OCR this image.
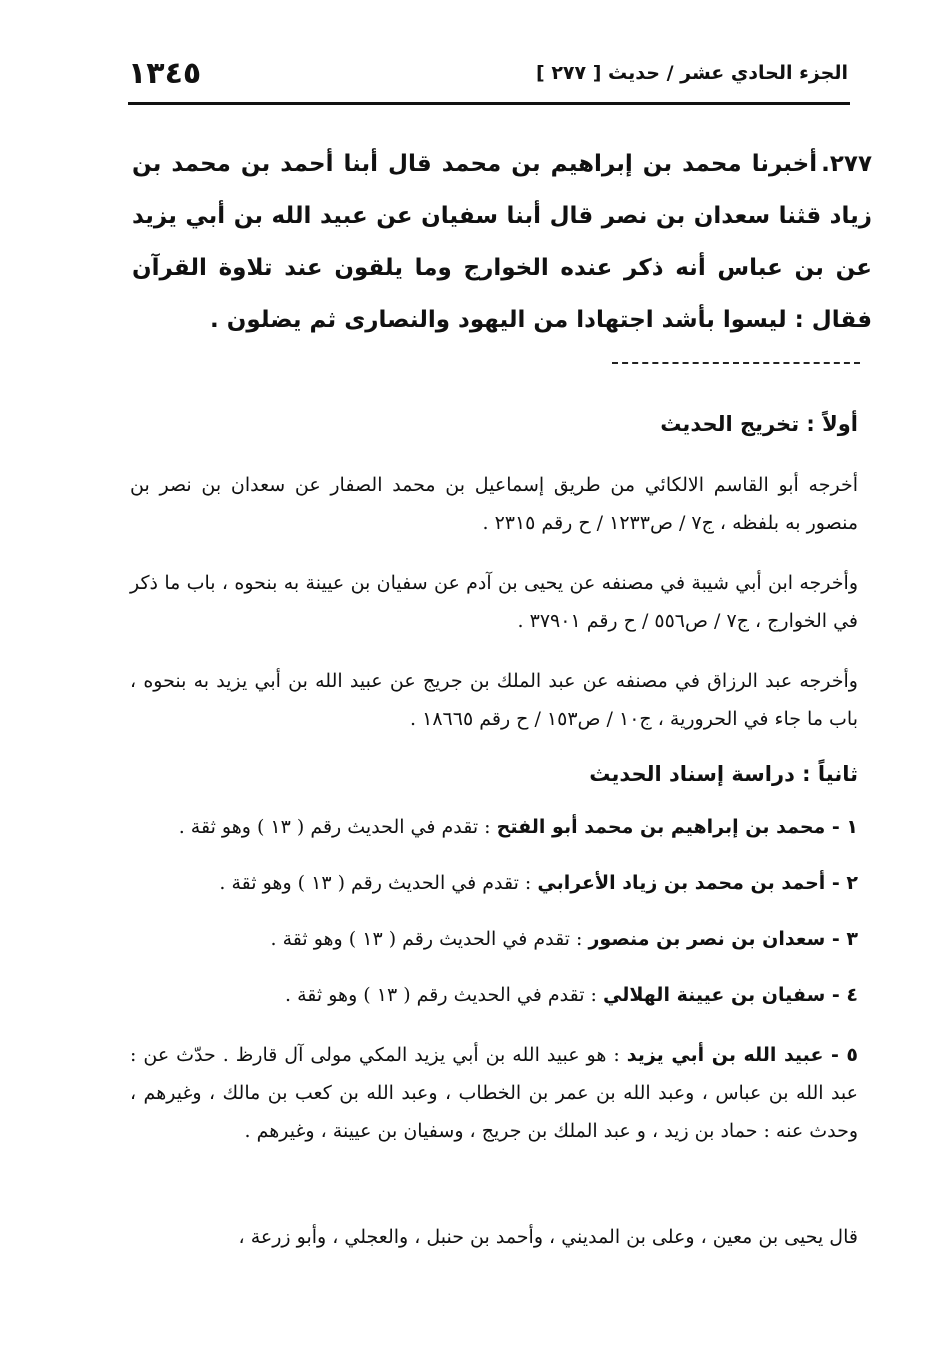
الجزء الحادي عشر / حديث [ ٢٧٧ ]
١٣٤٥
٢٧٧.أخبرنا محمد بن إبراهيم بن محمد قال أبنا أحمد بن محمد بن زياد قثنا سعدان بن نصر قال أبنا سفيان عن عبيد الله بن أبي يزيد عن بن عباس أنه ذكر عنده الخوارج وما يلقون عند تلاوة القرآن فقال : ليسوا بأشد اجتهادا من اليهود والنصارى ثم يضلون .
أولاً : تخريج الحديث
أخرجه أبو القاسم الالكائي من طريق إسماعيل بن محمد الصفار عن سعدان بن نصر بن منصور به بلفظه ، ج٧ / ص١٢٣٣ / ح رقم ٢٣١٥ .
وأخرجه ابن أبي شيبة في مصنفه عن يحيى بن آدم عن سفيان بن عيينة به بنحوه ، باب ما ذكر في الخوارج ، ج٧ / ص٥٥٦ / ح رقم ٣٧٩٠١ .
وأخرجه عبد الرزاق في مصنفه عن عبد الملك بن جريج عن عبيد الله بن أبي يزيد به بنحوه ، باب ما جاء في الحرورية ، ج١٠ / ص١٥٣ / ح رقم ١٨٦٦٥ .
ثانياً : دراسة إسناد الحديث
١ - محمد بن إبراهيم بن محمد أبو الفتح : تقدم في الحديث رقم ( ١٣ ) وهو ثقة .
٢ - أحمد بن محمد بن زياد الأعرابي : تقدم في الحديث رقم ( ١٣ ) وهو ثقة .
٣ - سعدان بن نصر بن منصور : تقدم في الحديث رقم ( ١٣ ) وهو ثقة .
٤ - سفيان بن عيينة الهلالي : تقدم في الحديث رقم ( ١٣ ) وهو ثقة .
٥ - عبيد الله بن أبي يزيد : هو عبيد الله بن أبي يزيد المكي مولى آل قارظ . حدّث عن : عبد الله بن عباس ، وعبد الله بن عمر بن الخطاب ، وعبد الله بن كعب بن مالك ، وغيرهم ، وحدث عنه : حماد بن زيد ، و عبد الملك بن جريج ، وسفيان بن عيينة ، وغيرهم .
قال يحيى بن معين ، وعلى بن المديني ، وأحمد بن حنبل ، والعجلي ، وأبو زرعة ،
